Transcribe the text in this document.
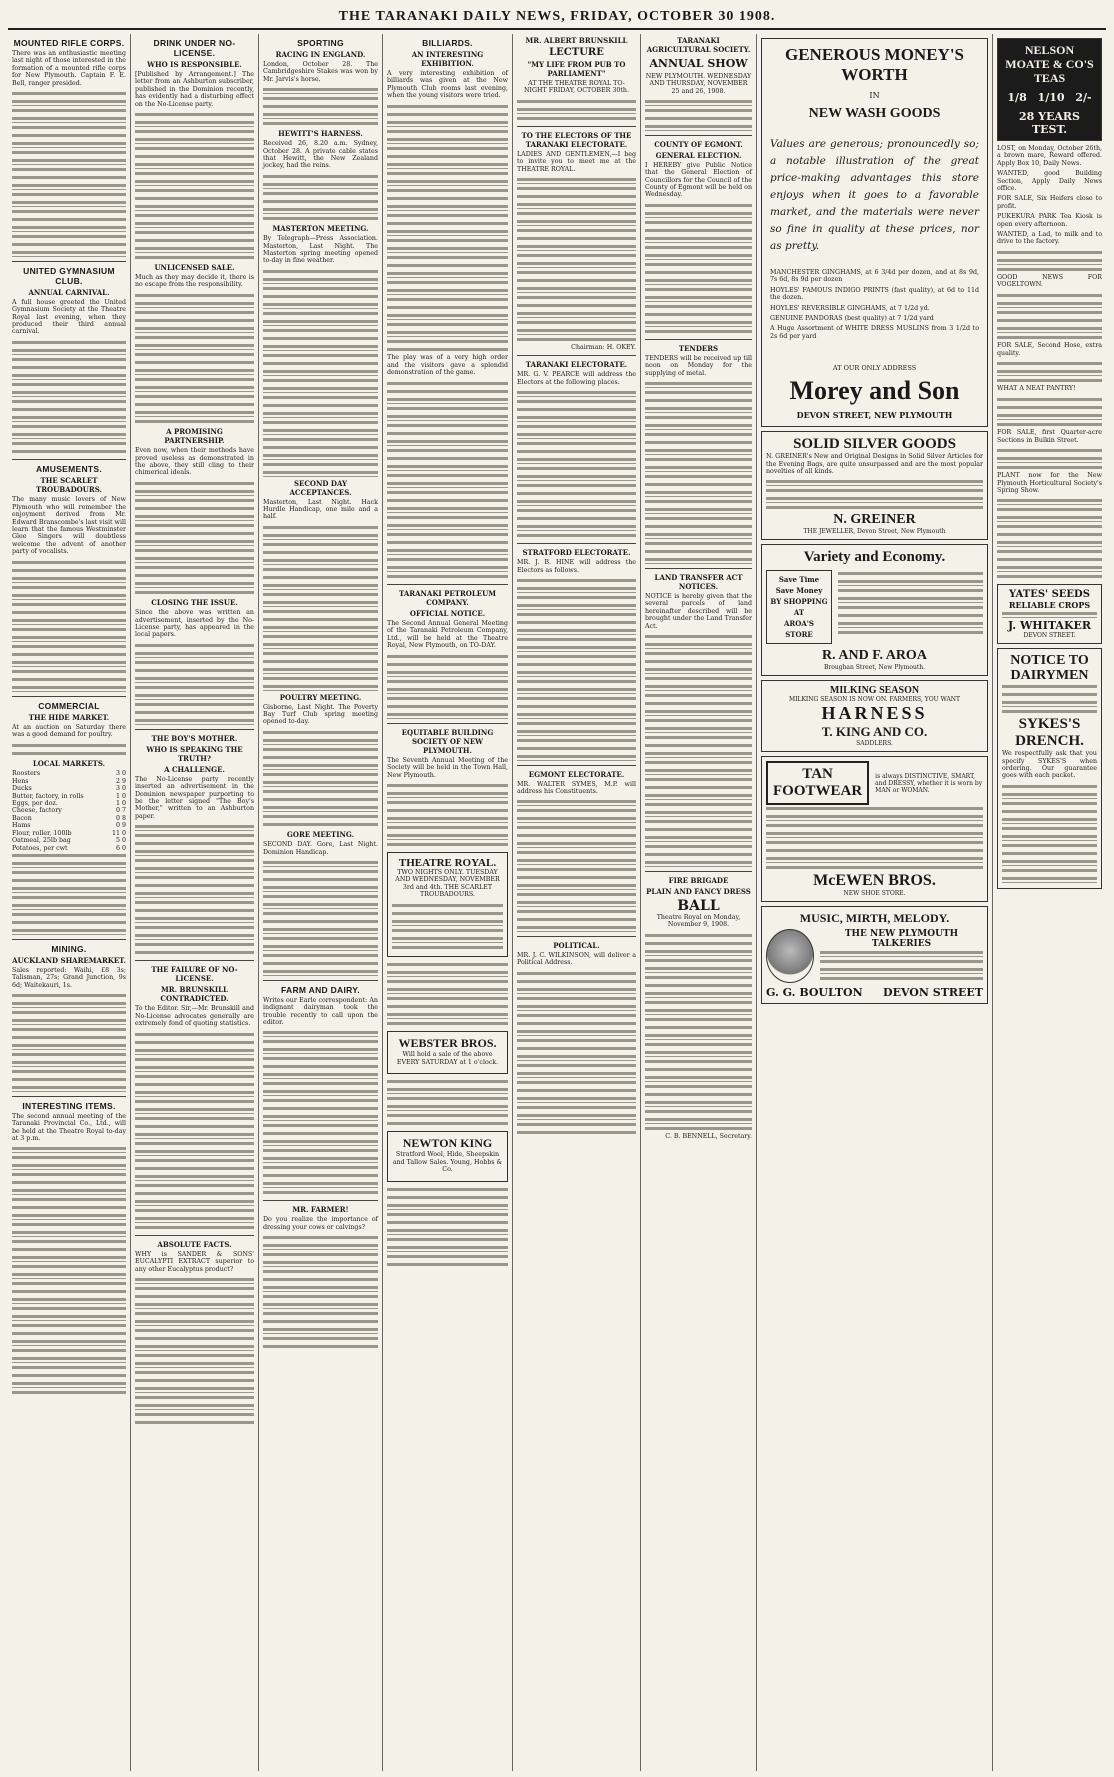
THE TARANAKI DAILY NEWS, FRIDAY, OCTOBER 30 1908.
MOUNTED RIFLE CORPS.

There was an enthusiastic meeting last night of those interested in the formation of a mounted rifle corps for New Plymouth. Captain F. E. Bell, ranger presided.

UNITED GYMNASIUM CLUB.
ANNUAL CARNIVAL.

A full house greeted the United Gymnasium Society at the Theatre Royal last evening, when they produced their third annual carnival.

AMUSEMENTS.
THE SCARLET TROUBADOURS.

The many music lovers of New Plymouth who will remember the enjoyment derived from Mr. Edward Branscombe's last visit will learn that the famous Westminster Glee Singers will doubtless welcome the advent of another party of vocalists.

COMMERCIAL
THE HIDE MARKET.

At an auction on Saturday there was a good demand for poultry.

LOCAL MARKETS.
Roosters	3 0
Hens	2 9
Ducks	3 0
Butter, factory, in rolls	1 0
Eggs, per doz.	1 0
Cheese, factory	0 7
Bacon	0 8
Hams	0 9
Flour, roller, 100lb	11 0
Oatmeal, 25lb bag	5 0
Potatoes, per cwt	6 0
MINING.
AUCKLAND SHAREMARKET.

Sales reported: Waihi, £8 3s; Talisman, 27s; Grand Junction, 9s 6d; Waitekauri, 1s.

INTERESTING ITEMS.

The second annual meeting of the Taranaki Provincial Co., Ltd., will be held at the Theatre Royal to-day at 3 p.m.

DRINK UNDER NO-LICENSE.
WHO IS RESPONSIBLE.

[Published by Arrangement.] The letter from an Ashburton subscriber, published in the Dominion recently, has evidently had a disturbing effect on the No-License party.

UNLICENSED SALE.

Much as they may decide it, there is no escape from the responsibility.

A PROMISING PARTNERSHIP.

Even now, when their methods have proved useless as demonstrated in the above, they still cling to their chimerical ideals.

CLOSING THE ISSUE.

Since the above was written an advertisement, inserted by the No-License party, has appeared in the local papers.

THE BOY'S MOTHER.
WHO IS SPEAKING THE TRUTH?
A CHALLENGE.

The No-License party recently inserted an advertisement in the Dominion newspaper purporting to be the letter signed "The Boy's Mother," written to an Ashburton paper.

THE FAILURE OF NO-LICENSE.
MR. BRUNSKILL CONTRADICTED.

To the Editor. Sir,—Mr. Brunskill and No-License advocates generally are extremely fond of quoting statistics.

ABSOLUTE FACTS.

WHY is SANDER & SONS' EUCALYPTI EXTRACT superior to any other Eucalyptus product?

SPORTING
RACING IN ENGLAND.

London, October 28. The Cambridgeshire Stakes was won by Mr. Jarvis's horse.

HEWITT'S HARNESS.

Received 26, 8.20 a.m. Sydney, October 28. A private cable states that Hewitt, the New Zealand jockey, had the reins.

MASTERTON MEETING.

By Telegraph—Press Association. Masterton, Last Night. The Masterton spring meeting opened to-day in fine weather.

SECOND DAY ACCEPTANCES.

Masterton, Last Night. Hack Hurdle Handicap, one mile and a half.

POULTRY MEETING.

Gisborne, Last Night. The Poverty Bay Turf Club spring meeting opened to-day.

GORE MEETING.

SECOND DAY. Gore, Last Night. Dominion Handicap.

FARM AND DAIRY.

Writes our Earle correspondent: An indignant dairyman took the trouble recently to call upon the editor.

MR. FARMER!

Do you realize the importance of dressing your cows or calvings?

BILLIARDS.
AN INTERESTING EXHIBITION.

A very interesting exhibition of billiards was given at the New Plymouth Club rooms last evening, when the young visitors were tried.

The play was of a very high order and the visitors gave a splendid demonstration of the game.

TARANAKI PETROLEUM COMPANY.
OFFICIAL NOTICE.

The Second Annual General Meeting of the Taranaki Petroleum Company, Ltd., will be held at the Theatre Royal, New Plymouth, on TO-DAY.

EQUITABLE BUILDING SOCIETY OF NEW PLYMOUTH.

The Seventh Annual Meeting of the Society will be held in the Town Hall, New Plymouth.

THEATRE ROYAL.

TWO NIGHTS ONLY. TUESDAY AND WEDNESDAY, NOVEMBER 3rd and 4th. THE SCARLET TROUBADOURS.

WEBSTER BROS.

Will hold a sale of the above EVERY SATURDAY at 1 o'clock.

NEWTON KING

Stratford Wool, Hide, Sheepskin and Tallow Sales. Young, Hobbs & Co.

MR. ALBERT BRUNSKILL
LECTURE
"MY LIFE FROM PUB TO PARLIAMENT"

AT THE THEATRE ROYAL TO-NIGHT FRIDAY, OCTOBER 30th.

TO THE ELECTORS OF THE TARANAKI ELECTORATE.

LADIES AND GENTLEMEN,—I beg to invite you to meet me at the THEATRE ROYAL.

Chairman: H. OKEY.

TARANAKI ELECTORATE.

MR. G. V. PEARCE will address the Electors at the following places.

STRATFORD ELECTORATE.

MR. J. B. HINE will address the Electors as follows.

EGMONT ELECTORATE.

MR. WALTER SYMES, M.P. will address his Constituents.

POLITICAL.

MR. J. C. WILKINSON, will deliver a Political Address.

TARANAKI AGRICULTURAL SOCIETY.
ANNUAL SHOW

NEW PLYMOUTH. WEDNESDAY AND THURSDAY, NOVEMBER 25 and 26, 1908.

COUNTY OF EGMONT.
GENERAL ELECTION.

I HEREBY give Public Notice that the General Election of Councillors for the Council of the County of Egmont will be held on Wednesday.

TENDERS

TENDERS will be received up till noon on Monday for the supplying of metal.

LAND TRANSFER ACT NOTICES.

NOTICE is hereby given that the several parcels of land hereinafter described will be brought under the Land Transfer Act.

FIRE BRIGADE
PLAIN AND FANCY DRESS
BALL

Theatre Royal on Monday, November 9, 1908.

C. B. BENNELL, Secretary.

GENEROUS MONEY'S WORTH
IN
NEW WASH GOODS
Values are generous; pronouncedly so; a notable illustration of the great price-making advantages this store enjoys when it goes to a favorable market, and the materials were never so fine in quality at these prices, nor as pretty.

MANCHESTER GINGHAMS, at 6 3/4d per dozen, and at 8s 9d, 7s 6d, 8s 9d per dozen

HOYLES' FAMOUS INDIGO PRINTS (fast quality), at 6d to 11d the dozen.

HOYLES' REVERSIBLE GINGHAMS, at 7 1/2d yd.

GENUINE PANDORAS (best quality) at 7 1/2d yard

A Huge Assortment of WHITE DRESS MUSLINS from 3 1/2d to 2s 6d per yard

AT OUR ONLY ADDRESS
Morey and Son
DEVON STREET, NEW PLYMOUTH
SOLID SILVER GOODS

N. GREINER's New and Original Designs in Solid Silver Articles for the Evening Bags, are quite unsurpassed and are the most popular novelties of all kinds.

N. GREINER
THE JEWELLER, Devon Street, New Plymouth
Variety and Economy.
Save Time
Save Money
BY SHOPPING AT
AROA'S
STORE
R. AND F. AROA
Broughan Street, New Plymouth.
MILKING SEASON
MILKING SEASON IS NOW ON. FARMERS, YOU WANT
HARNESS
T. KING AND CO.
SADDLERS.
TAN FOOTWEAR
is always DISTINCTIVE, SMART, and DRESSY, whether it is worn by MAN or WOMAN.
McEWEN BROS.
NEW SHOE STORE.
MUSIC, MIRTH, MELODY.
THE NEW PLYMOUTH TALKERIES
G. G. BOULTON DEVON STREET
NELSON MOATE & CO'S TEAS
1/8 1/10 2/-
28 YEARS TEST.

LOST, on Monday, October 26th, a brown mare, Reward offered. Apply Box 10, Daily News.

WANTED, good Building Section, Apply Daily News office.

FOR SALE, Six Heifers close to profit.

PUKEKURA PARK Tea Kiosk is open every afternoon.

WANTED, a Lad, to milk and to drive to the factory.

GOOD NEWS FOR VOGELTOWN.

FOR SALE, Second Hose, extra quality.

WHAT A NEAT PANTRY!

FOR SALE, first Quarter-acre Sections in Bulkin Street.

PLANT now for the New Plymouth Horticultural Society's Spring Show.

YATES' SEEDS
RELIABLE CROPS
J. WHITAKER
DEVON STREET.
NOTICE TO DAIRYMEN
SYKES'S DRENCH.

We respectfully ask that you specify SYKES'S when ordering. Our guarantee goes with each packet.
